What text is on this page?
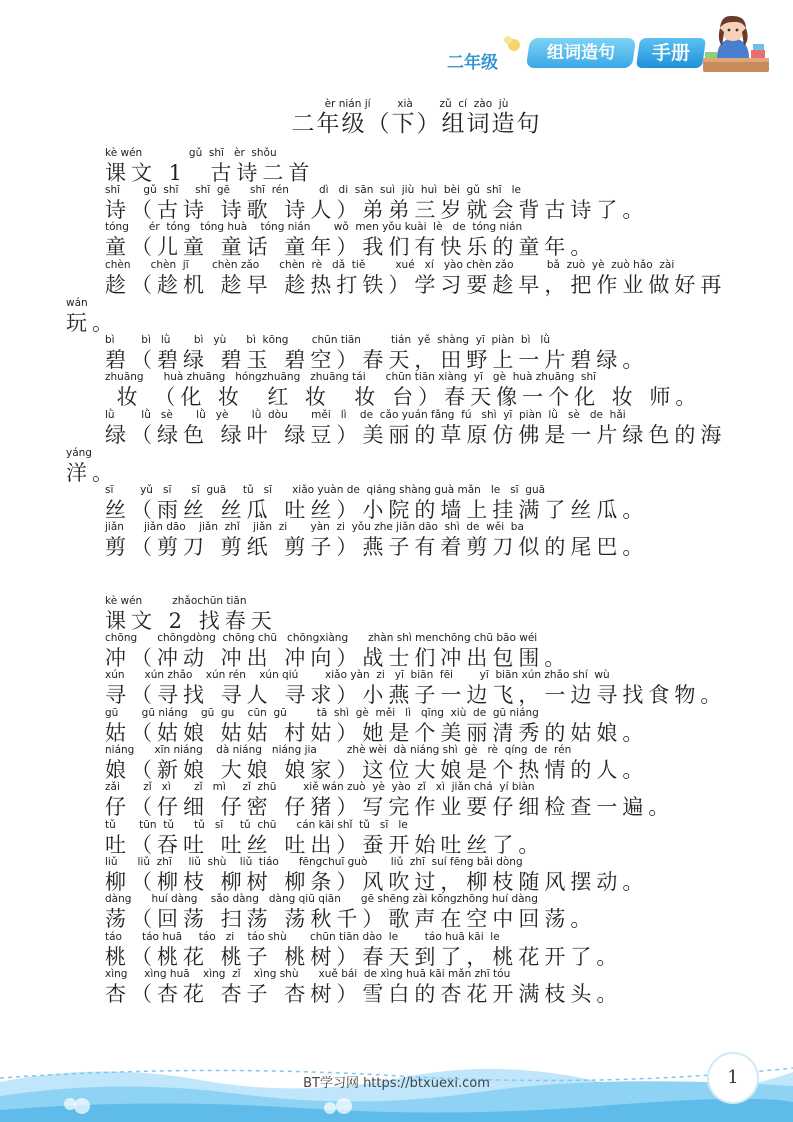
二年级	组词造句	手册
èr nián jí        xià        zǔ  cí  zào  jù
二年级（下）组词造句
kè wén              gǔ  shī   èr  shǒu
课文 1  古诗二首
shī       gǔ  shī     shī  gē      shī  rén         dì   di  sān  suì  jiù  huì  bèi  gǔ  shī   le
诗（古诗 诗歌 诗人）弟弟三岁就会背古诗了。
tóng      ér  tóng   tóng huà    tóng nián       wǒ  men yǒu kuài  lè   de  tóng nián
童（儿童 童话 童年）我们有快乐的童年。
chèn      chèn  jī       chèn zǎo      chèn  rè   dǎ  tiě         xué   xí   yào chèn zǎo          bǎ  zuò  yè  zuò hǎo  zài
趁（趁机 趁早 趁热打铁）学习要趁早，把作业做好再
wán
玩。
bì        bì   lǜ       bì   yù      bì  kōng       chūn tiān         tián  yě  shàng  yī  piàn  bì   lǜ
碧（碧绿 碧玉 碧空）春天，田野上一片碧绿。
zhuāng      huà zhuāng   hóngzhuāng   zhuāng tái      chūn tiān xiàng  yī   gè  huà zhuāng  shī
妆 （化 妆  红 妆  妆 台）春天像一个化 妆 师。
lǜ        lǜ   sè       lǜ   yè       lǜ  dòu       měi   lì    de  cǎo yuán fǎng  fú   shì  yī  piàn  lǜ   sè   de  hǎi
绿（绿色 绿叶 绿豆）美丽的草原仿佛是一片绿色的海
yáng
洋。
sī        yǔ   sī      sī  guā     tǔ   sī      xiǎo yuàn de  qiáng shàng guà mǎn   le   sī  guā
丝（雨丝 丝瓜 吐丝）小院的墙上挂满了丝瓜。
jiǎn      jiǎn dāo    jiǎn  zhǐ    jiǎn  zi       yàn  zi  yǒu zhe jiǎn dāo  shì  de  wěi  ba
剪（剪刀 剪纸 剪子）燕子有着剪刀似的尾巴。
kè wén         zhǎochūn tiān
课文 2 找春天
chōng      chōngdòng  chōng chū   chōngxiàng      zhàn shì menchōng chū bāo wéi
冲（冲动 冲出 冲向）战士们冲出包围。
xún      xún zhǎo    xún rén    xún qiú        xiǎo yàn  zi   yī  biān  fēi        yī  biān xún zhǎo shí  wù
寻（寻找 寻人 寻求）小燕子一边飞，一边寻找食物。
gū       gū niáng    gū  gu    cūn  gū         tā  shì  gè  měi   lì   qīng  xiù  de  gū niáng
姑（姑娘 姑姑 村姑）她是个美丽清秀的姑娘。
niáng      xīn niáng    dà niáng   niáng jia         zhè wèi  dà niáng shì  gè   rè  qíng  de  rén
娘（新娘 大娘 娘家）这位大娘是个热情的人。
zǎi       zǐ   xì       zǐ   mì     zǐ  zhū        xiě wán zuò  yè  yào  zǐ   xì  jiǎn chá  yí biàn
仔（仔细 仔密 仔猪）写完作业要仔细检查一遍。
tǔ       tūn  tǔ      tǔ   sī     tǔ  chū      cán kāi shǐ  tǔ   sī   le
吐（吞吐 吐丝 吐出）蚕开始吐丝了。
liǔ      liǔ  zhī     liǔ  shù    liǔ  tiáo      fēngchuī guò       liǔ  zhī  suí fēng bǎi dòng
柳（柳枝 柳树 柳条）风吹过，柳枝随风摆动。
dàng      huí dàng    sǎo dàng   dàng qiū qiān      gē shēng zài kōngzhōng huí dàng
荡（回荡 扫荡 荡秋千）歌声在空中回荡。
táo      táo huā     táo   zi    táo shù       chūn tiān dào  le        táo huā kāi  le
桃（桃花 桃子 桃树）春天到了，桃花开了。
xìng     xìng huā    xìng  zǐ    xìng shù      xuě bái  de xìng huā kāi mǎn zhī tóu
杏（杏花 杏子 杏树）雪白的杏花开满枝头。
BT学习网 https://btxuexi.com	1
